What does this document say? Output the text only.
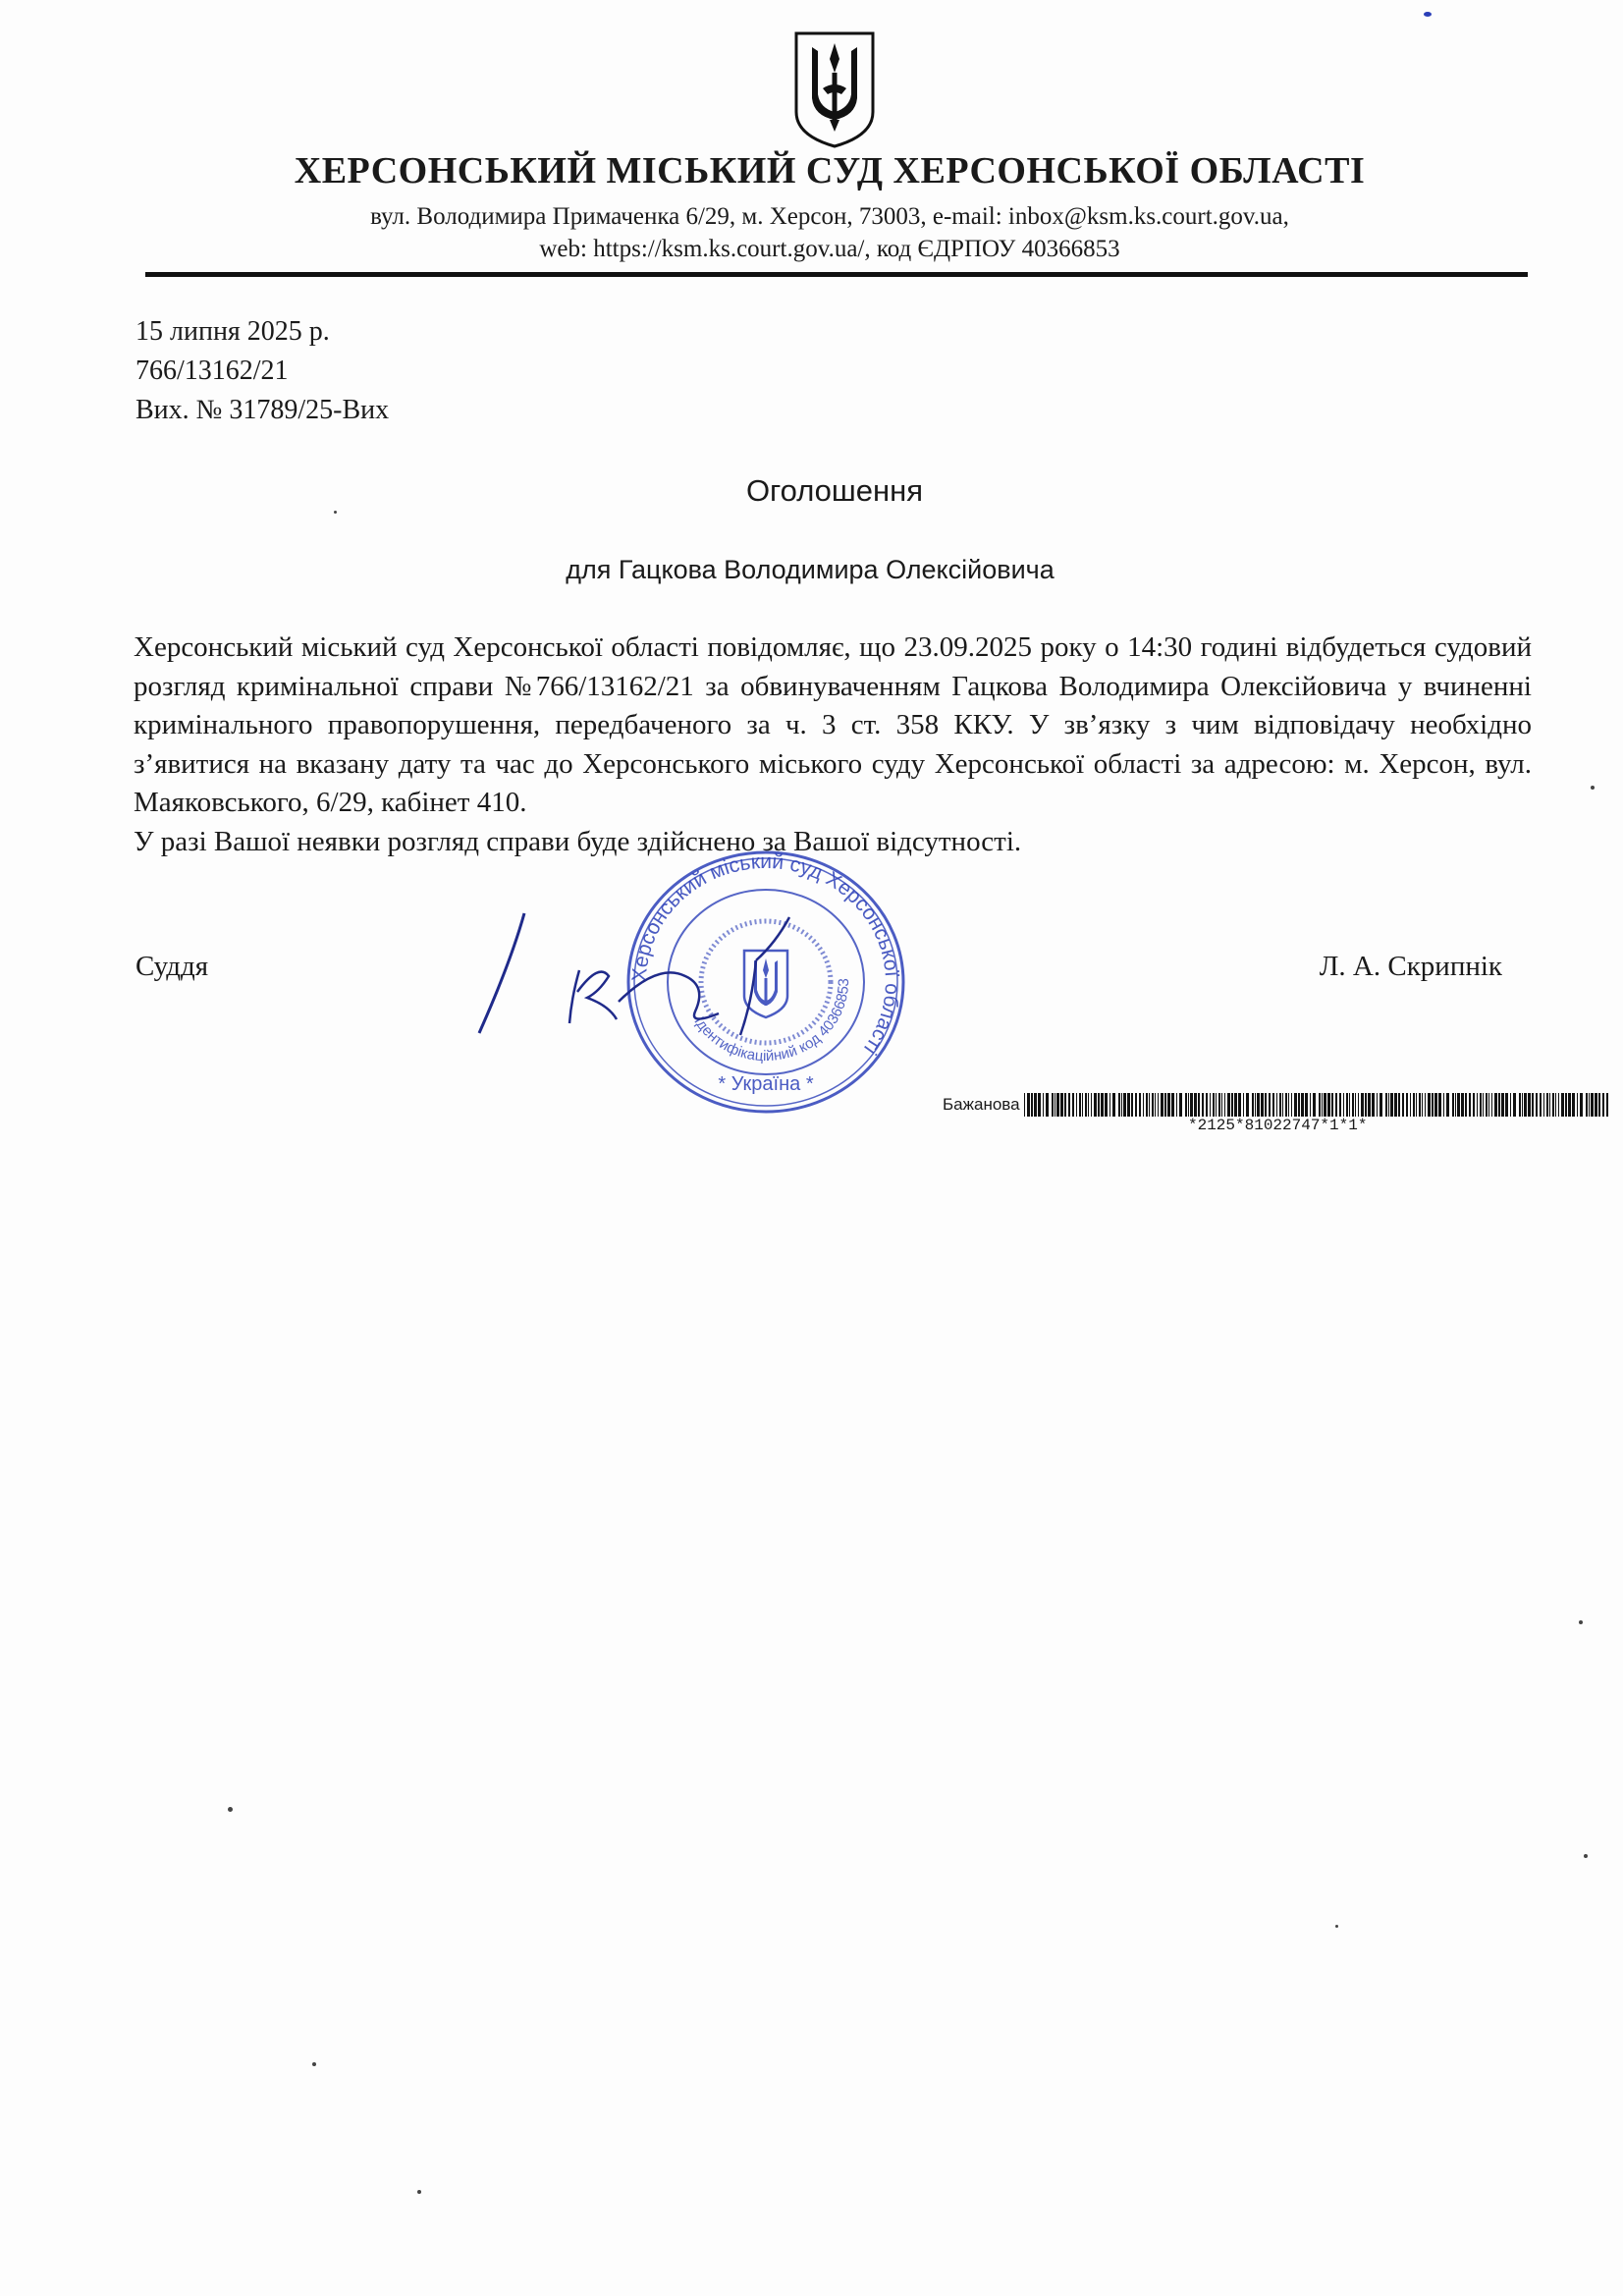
ХЕРСОНСЬКИЙ МІСЬКИЙ СУД ХЕРСОНСЬКОЇ ОБЛАСТІ
вул. Володимира Примаченка 6/29, м. Херсон, 73003, e-mail: inbox@ksm.ks.court.gov.ua,
web: https://ksm.ks.court.gov.ua/, код ЄДРПОУ 40366853
15 липня 2025 р.
766/13162/21
Вих. № 31789/25-Вих
Оголошення
для Гацкова Володимира Олексійовича

Херсонський міський суд Херсонської області повідомляє, що 23.09.2025 року о 14:30 годині відбудеться судовий розгляд кримінальної справи №766/13162/21 за обвинуваченням Гацкова Володимира Олексійовича у вчиненні кримінального правопорушення, передбаченого за ч. 3 ст. 358 ККУ. У зв’язку з чим відповідачу необхідно з’явитися на вказану дату та час до Херсонського міського суду Херсонської області за адресою: м. Херсон, вул. Маяковського, 6/29, кабінет 410.

У разі Вашої неявки розгляд справи буде здійснено за Вашої відсутності.

Херсонський міський суд Херсонської області
Ідентифікаційний код 40366853
* Україна *
Суддя	Л. А. Скрипнік
Бажанова
*2125*81022747*1*1*
